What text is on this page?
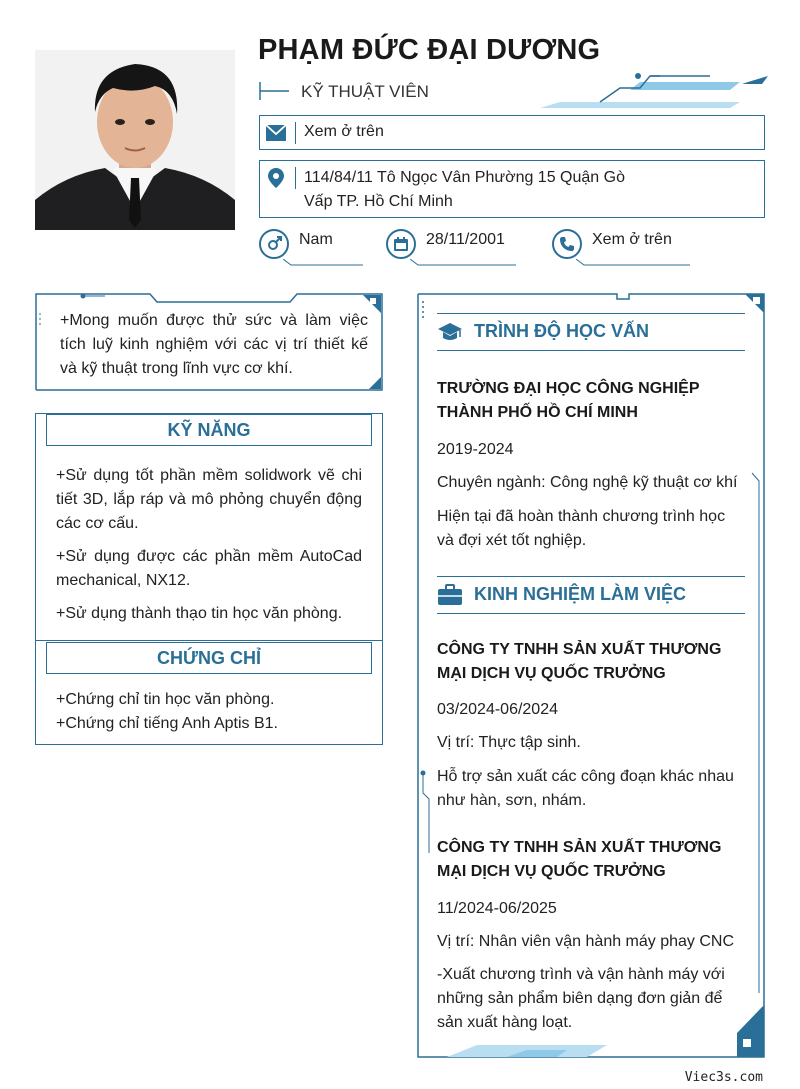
PHẠM ĐỨC ĐẠI DƯƠNG
KỸ THUẬT VIÊN
Xem ở trên
114/84/11 Tô Ngọc Vân Phường 15 Quận Gò
Vấp TP. Hồ Chí Minh
Nam	28/11/2001	Xem ở trên
+Mong muốn được thử sức và làm việc tích luỹ kinh nghiệm với các vị trí thiết kế và kỹ thuật trong lĩnh vực cơ khí.
KỸ NĂNG
+Sử dụng tốt phần mềm solidwork vẽ chi tiết 3D, lắp ráp và mô phỏng chuyển động các cơ cấu.
+Sử dụng được các phần mềm AutoCad mechanical, NX12.
+Sử dụng thành thạo tin học văn phòng.
CHỨNG CHỈ
+Chứng chỉ tin học văn phòng.
+Chứng chỉ tiếng Anh Aptis B1.
TRÌNH ĐỘ HỌC VẤN
TRƯỜNG ĐẠI HỌC CÔNG NGHIỆP THÀNH PHỐ HỒ CHÍ MINH
2019-2024
Chuyên ngành: Công nghệ kỹ thuật cơ khí
Hiện tại đã hoàn thành chương trình học và đợi xét tốt nghiệp.
KINH NGHIỆM LÀM VIỆC
CÔNG TY TNHH SẢN XUẤT THƯƠNG MẠI DỊCH VỤ QUỐC TRƯỞNG
03/2024-06/2024
Vị trí: Thực tập sinh.
Hỗ trợ sản xuất các công đoạn khác nhau như hàn, sơn, nhám.
CÔNG TY TNHH SẢN XUẤT THƯƠNG MẠI DỊCH VỤ QUỐC TRƯỞNG
11/2024-06/2025
Vị trí: Nhân viên vận hành máy phay CNC
-Xuất chương trình và vận hành máy với những sản phẩm biên dạng đơn giản để sản xuất hàng loạt.
Viec3s.com
